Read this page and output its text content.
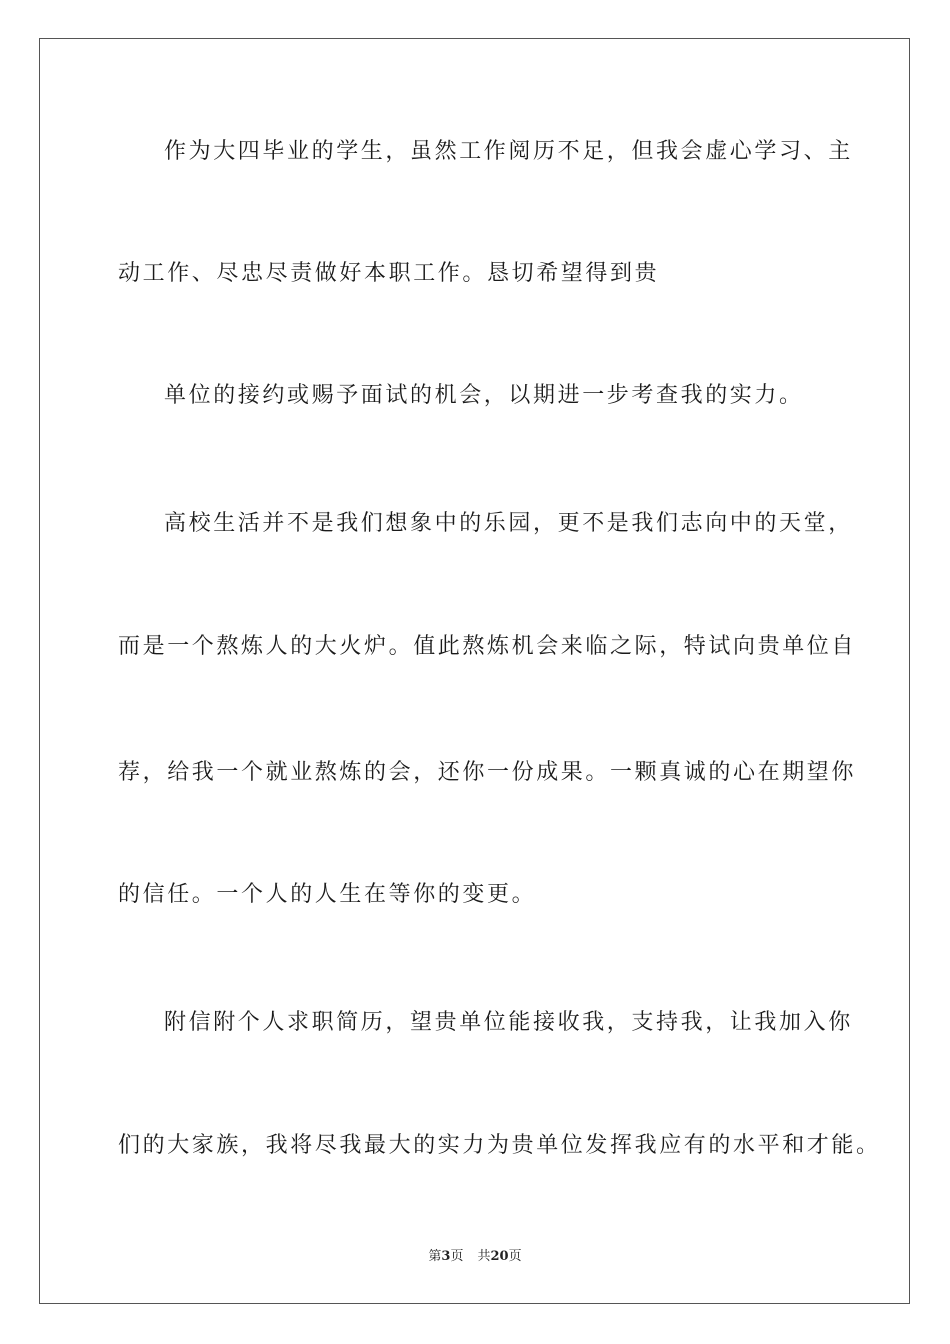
作为大四毕业的学生，虽然工作阅历不足，但我会虚心学习、主
动工作、尽忠尽责做好本职工作。恳切希望得到贵
单位的接约或赐予面试的机会，以期进一步考查我的实力。
高校生活并不是我们想象中的乐园，更不是我们志向中的天堂，
而是一个熬炼人的大火炉。值此熬炼机会来临之际，特试向贵单位自
荐，给我一个就业熬炼的会，还你一份成果。一颗真诚的心在期望你
的信任。一个人的人生在等你的变更。
附信附个人求职简历，望贵单位能接收我，支持我，让我加入你
们的大家族，我将尽我最大的实力为贵单位发挥我应有的水平和才能。
第3页 共20页
